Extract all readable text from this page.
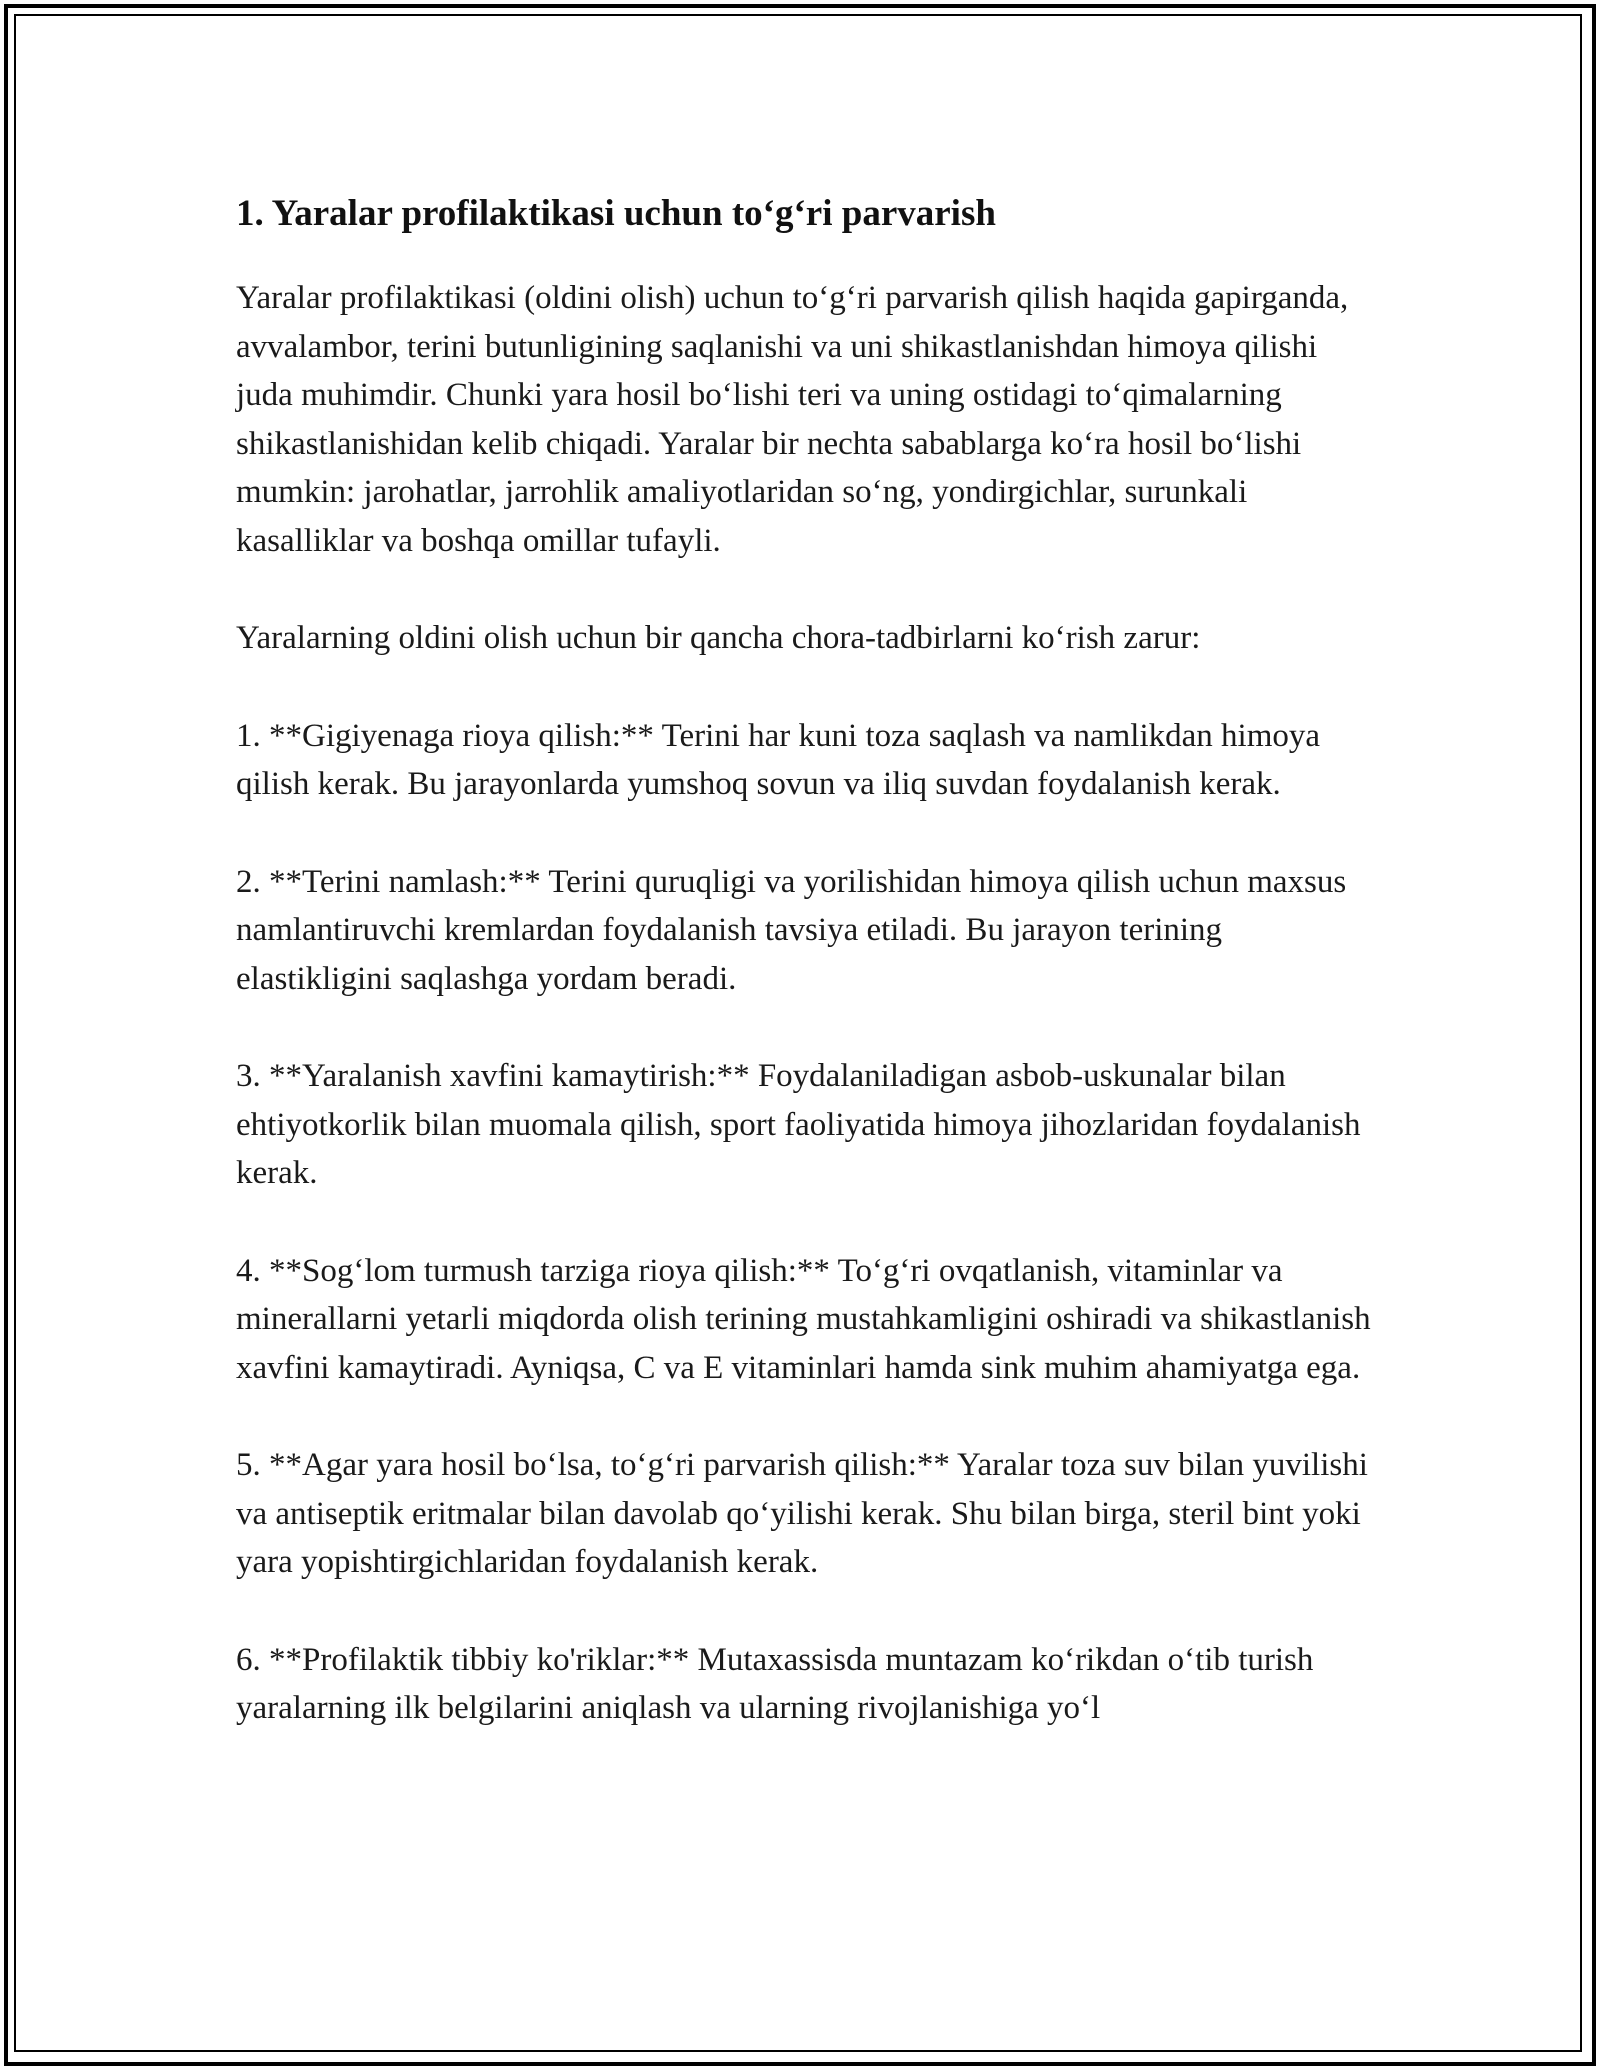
1. Yaralar profilaktikasi uchun to‘g‘ri parvarish

Yaralar profilaktikasi (oldini olish) uchun to‘g‘ri parvarish qilish haqida gapirganda, avvalambor, terini butunligining saqlanishi va uni shikastlanishdan himoya qilishi juda muhimdir. Chunki yara hosil bo‘lishi teri va uning ostidagi to‘qimalarning shikastlanishidan kelib chiqadi. Yaralar bir nechta sabablarga ko‘ra hosil bo‘lishi mumkin: jarohatlar, jarrohlik amaliyotlaridan so‘ng, yondirgichlar, surunkali kasalliklar va boshqa omillar tufayli.

Yaralarning oldini olish uchun bir qancha chora-tadbirlarni ko‘rish zarur:

1. **Gigiyenaga rioya qilish:** Terini har kuni toza saqlash va namlikdan himoya qilish kerak. Bu jarayonlarda yumshoq sovun va iliq suvdan foydalanish kerak.

2. **Terini namlash:** Terini quruqligi va yorilishidan himoya qilish uchun maxsus namlantiruvchi kremlardan foydalanish tavsiya etiladi. Bu jarayon terining elastikligini saqlashga yordam beradi.

3. **Yaralanish xavfini kamaytirish:** Foydalaniladigan asbob-uskunalar bilan ehtiyotkorlik bilan muomala qilish, sport faoliyatida himoya jihozlaridan foydalanish kerak.

4. **Sog‘lom turmush tarziga rioya qilish:** To‘g‘ri ovqatlanish, vitaminlar va minerallarni yetarli miqdorda olish terining mustahkamligini oshiradi va shikastlanish xavfini kamaytiradi. Ayniqsa, C va E vitaminlari hamda sink muhim ahamiyatga ega.

5. **Agar yara hosil bo‘lsa, to‘g‘ri parvarish qilish:** Yaralar toza suv bilan yuvilishi va antiseptik eritmalar bilan davolab qo‘yilishi kerak. Shu bilan birga, steril bint yoki yara yopishtirgichlaridan foydalanish kerak.

6. **Profilaktik tibbiy ko'riklar:** Mutaxassisda muntazam ko‘rikdan o‘tib turish yaralarning ilk belgilarini aniqlash va ularning rivojlanishiga yo‘l
